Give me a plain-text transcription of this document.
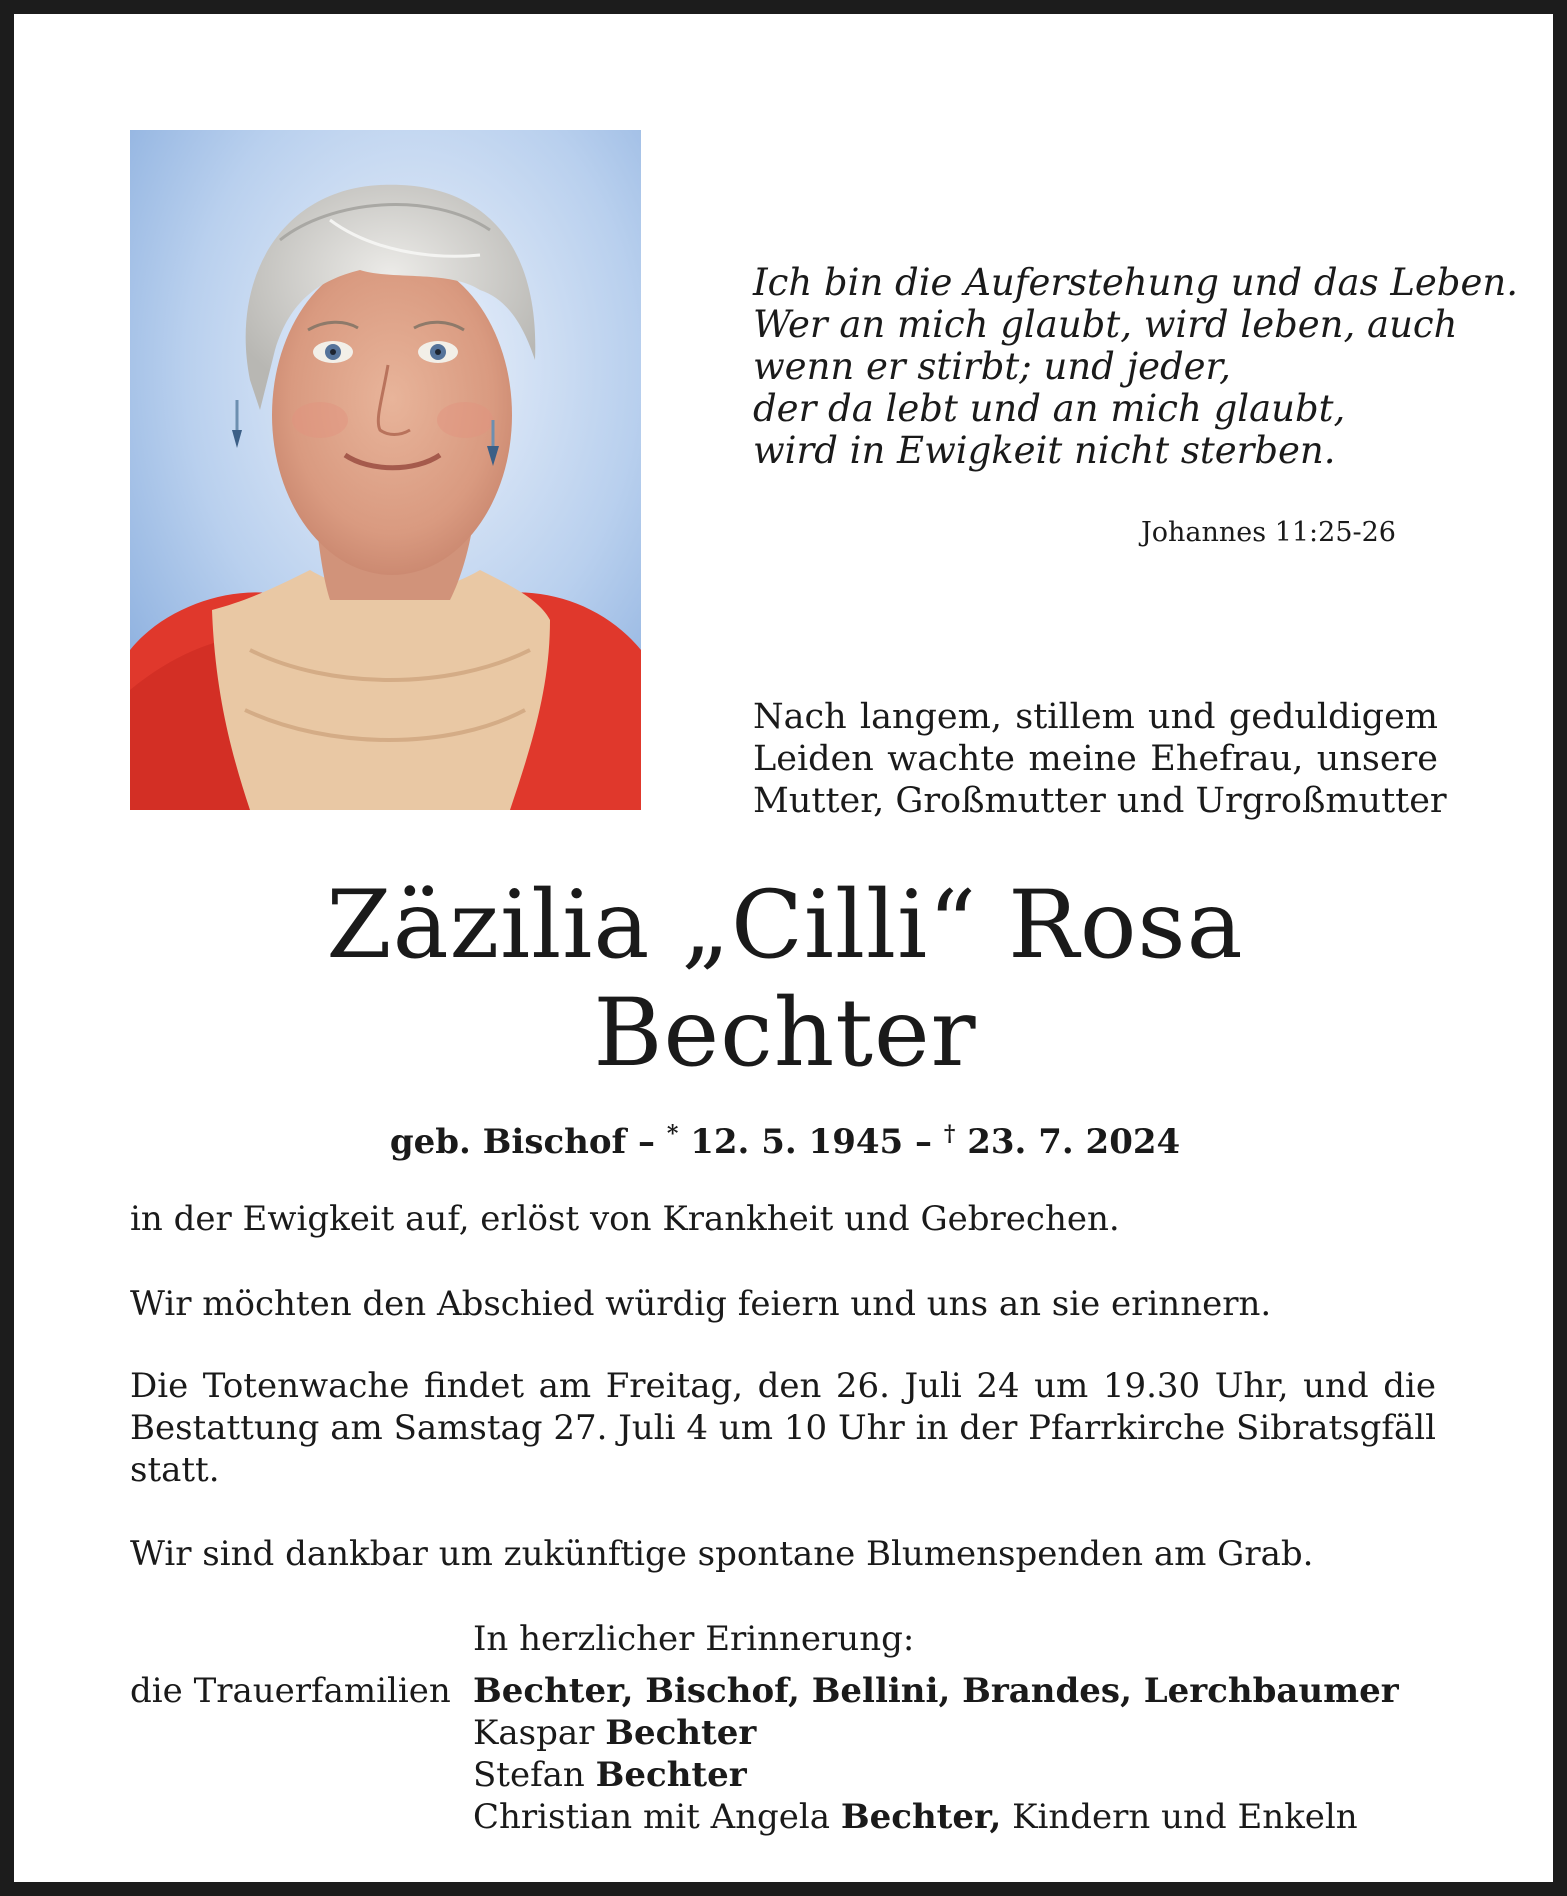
Ich bin die Auferstehung und das Leben.
Wer an mich glaubt, wird leben, auch
wenn er stirbt; und jeder,
der da lebt und an mich glaubt,
wird in Ewigkeit nicht sterben.
Johannes 11:25-26
Nach langem, stillem und geduldigem
Leiden wachte meine Ehefrau, unsere
Mutter, Großmutter und Urgroßmutter
Zäzilia „Cilli“ Rosa
Bechter
geb. Bischof – * 12. 5. 1945 – † 23. 7. 2024
in der Ewigkeit auf, erlöst von Krankheit und Gebrechen.
Wir möchten den Abschied würdig feiern und uns an sie erinnern.
Die Totenwache findet am Freitag, den 26. Juli 24 um 19.30 Uhr, und die
Bestattung am Samstag 27. Juli 4 um 10 Uhr in der Pfarrkirche Sibratsgfäll
statt.
Wir sind dankbar um zukünftige spontane Blumenspenden am Grab.
In herzlicher Erinnerung:
die Trauerfamilien Bechter, Bischof, Bellini, Brandes, Lerchbaumer
Kaspar Bechter
Stefan Bechter
Christian mit Angela Bechter, Kindern und Enkeln
